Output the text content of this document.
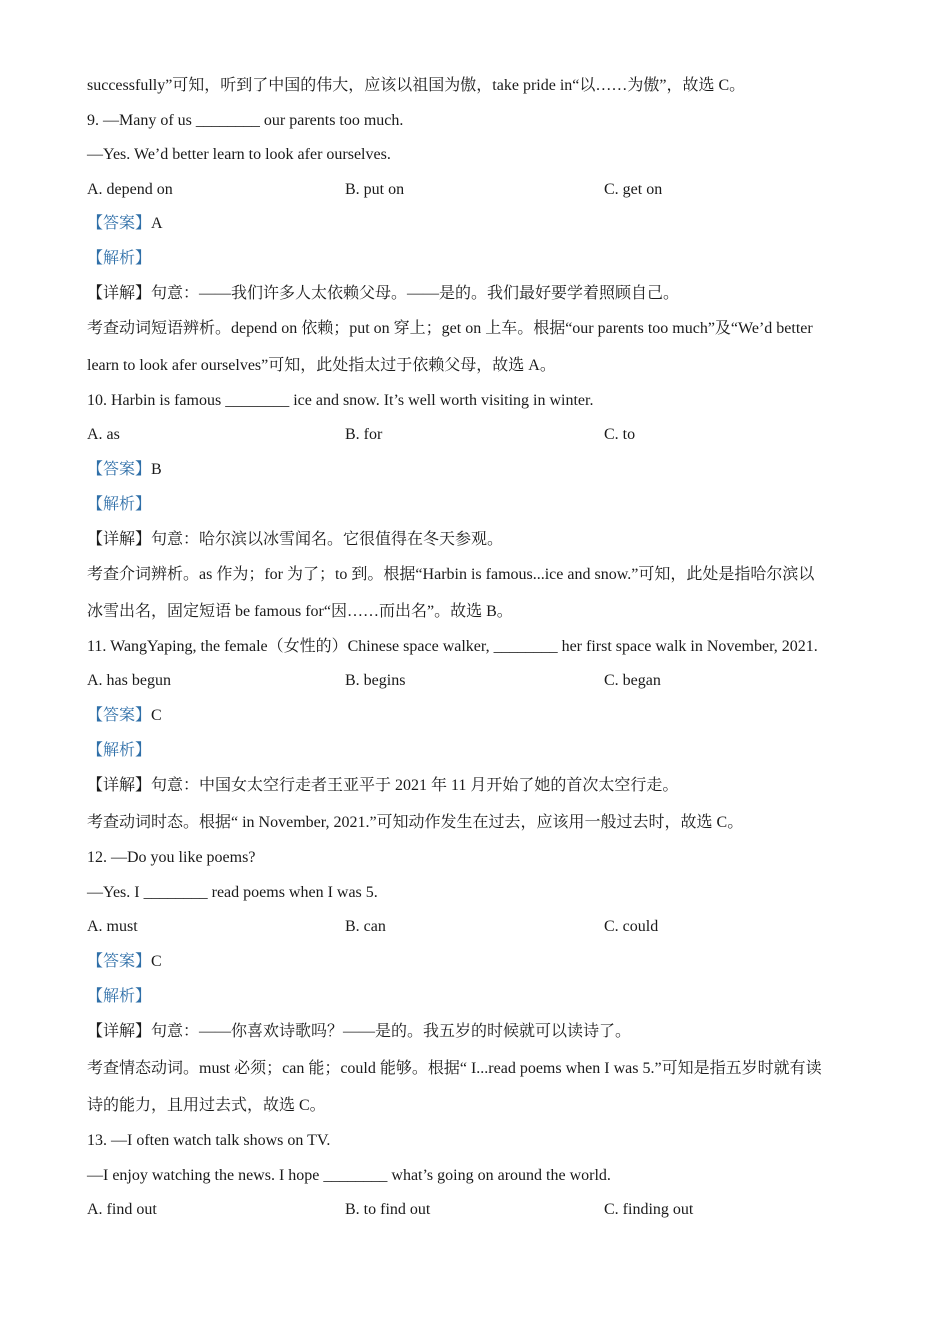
successfully”可知，听到了中国的伟大，应该以祖国为傲，take pride in“以……为傲”，故选 C。
9. —Many of us ________ our parents too much.
—Yes. We’d better learn to look afer ourselves.
A. depend on	B. put on	C. get on
【答案】A
【解析】
【详解】句意：——我们许多人太依赖父母。——是的。我们最好要学着照顾自己。
考查动词短语辨析。depend on 依赖；put on 穿上；get on 上车。根据“our parents too much”及“We’d better
learn to look afer ourselves”可知，此处指太过于依赖父母，故选 A。
10. Harbin is famous ________ ice and snow. It’s well worth visiting in winter.
A. as	B. for	C. to
【答案】B
【解析】
【详解】句意：哈尔滨以冰雪闻名。它很值得在冬天参观。
考查介词辨析。as 作为；for 为了；to 到。根据“Harbin is famous...ice and snow.”可知，此处是指哈尔滨以
冰雪出名，固定短语 be famous for“因……而出名”。故选 B。
11. WangYaping, the female（女性的）Chinese space walker, ________ her first space walk in November, 2021.
A. has begun	B. begins	C. began
【答案】C
【解析】
【详解】句意：中国女太空行走者王亚平于 2021 年 11 月开始了她的首次太空行走。
考查动词时态。根据“ in November, 2021.”可知动作发生在过去，应该用一般过去时，故选 C。
12. —Do you like poems?
—Yes. I ________ read poems when I was 5.
A. must	B. can	C. could
【答案】C
【解析】
【详解】句意：——你喜欢诗歌吗？——是的。我五岁的时候就可以读诗了。
考查情态动词。must 必须；can 能；could 能够。根据“ I...read poems when I was 5.”可知是指五岁时就有读
诗的能力，且用过去式，故选 C。
13. —I often watch talk shows on TV.
—I enjoy watching the news. I hope ________ what’s going on around the world.
A. find out	B. to find out	C. finding out
